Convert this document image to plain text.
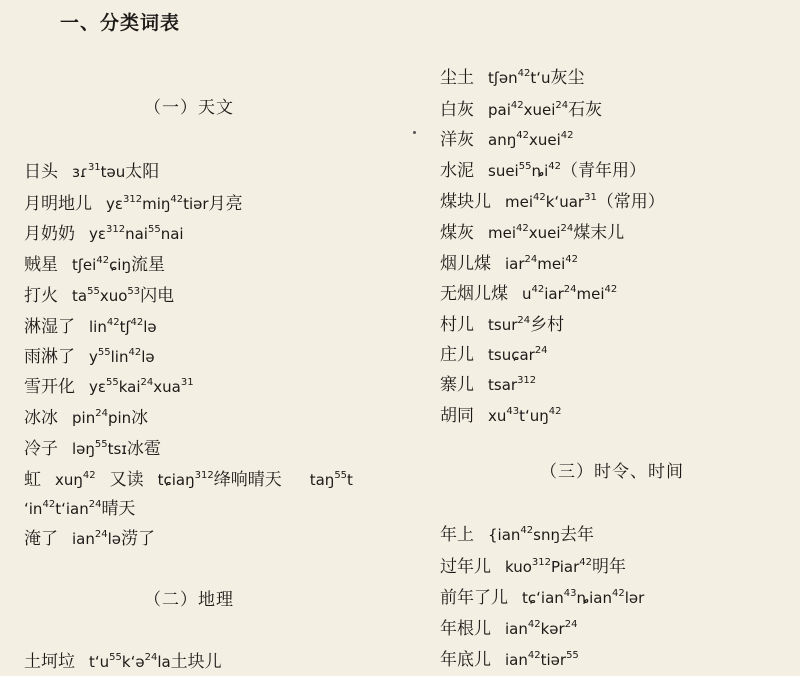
一、分类词表
（一）天文
日头 ɜɾ$^{31}$təu太阳
月明地儿 yɛ$^{312}$miŋ$^{42}$tiər月亮
月奶奶 yɛ$^{312}$nai$^{55}$nai
贼星 tʃei$^{42}$ɕiŋ流星
打火 $ta^{55}xuo^{53}$闪电
淋湿了 lin$^{42}$tʃ$^{42}$lə
雨淋了 $y^{55}lin^{42}lə$
雪开化 yɛ$^{55}$kai$^{24}$xua$^{31}$
冰冰 pin$^{24}$pin冰
冷子 ləŋ$^{55}$tsɪ冰雹
虹 xuŋ$^{42}$ 又读 tɕiaŋ$^{312}$绛响晴天 taŋ$^{55}$t
ʻin$^{42}$tʻian$^{24}$晴天
淹了 ian$^{24}$lə涝了
（二）地理
土坷垃 tʻu$^{55}$kʻə$^{24}$la土块儿
尘土 tʃən$^{42}$tʻu灰尘
白灰 pai$^{42}$xuei$^{24}$石灰
洋灰 anŋ$^{42}$xuei$^{42}$
水泥 $suei^{55}ȵi^{42}$（青年用）
煤块儿 mei$^{42}$kʻuar$^{31}$（常用）
煤灰 mei$^{42}$xuei$^{24}$煤末儿
烟儿煤 iar$^{24}$mei$^{42}$
无烟儿煤 $u^{42}iar^{24}mei^{42}$
村儿 tsur$^{24}$乡村
庄儿 tsuɕar$^{24}$
寨儿 tsar$^{312}$
胡同 $xu^{43}tʻuŋ^{42}$
（三）时令、时间
年上 {ian$^{42}$snŋ去年
过年儿 kuo$^{312}$Piar$^{42}$明年
前年了儿 tɕʻian$^{43}$ȵian$^{42}$lər
年根儿 ian$^{42}$kər$^{24}$
年底儿 ian$^{42}$tiər$^{55}$
